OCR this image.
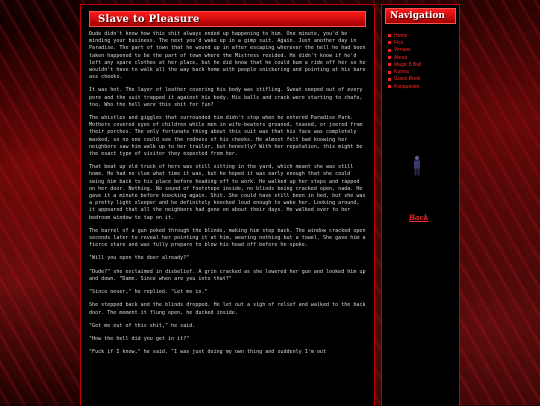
Slave to Pleasure

Dude didn't know how this shit always ended up happening to him. One minute, you'd be minding your business. The next you'd wake up in a gimp suit. Again. Just another day in Paradise. The part of town that he wound up in after escaping wherever the hell he had been taken happened to be the part of town where the Mistress resided. He didn't know if he'd left any spare clothes at her place, but he did know that he could bum a ride off her so he wouldn't have to walk all the way back home with people snickering and pointing at his bare ass cheeks.

It was hot. The layer of leather covering his body was stifling. Sweat seeped out of every pore and the suit trapped it against his body. His balls and crack were starting to chafe, too. Who the hell wore this shit for fun?

The whistles and giggles that surrounded him didn't stop when he entered Paradise Park. Mothers covered eyes of children while men in wife-beaters groaned, teased, or jeered from their porches. The only fortunate thing about this suit was that his face was completely masked, so no one could see the redness of his cheeks. He almost felt bad knowing her neighbors saw him walk up to her trailer, but honestly? With her reputation, this might be the exact type of visitor they expected from her.

That beat up old truck of hers was still sitting in the yard, which meant she was still home. He had no clue what time it was, but he hoped it was early enough that she could swing him back to his place before heading off to work. He walked up her steps and rapped on her door. Nothing. No sound of footsteps inside, no blinds being cracked open, nada. He gave it a minute before knocking again. Shit. She could have still been in bed, but she was a pretty light sleeper and he definitely knocked loud enough to wake her. Looking around, it appeared that all the neighbors had gone on about their days. He walked over to her bedroom window to tap on it.

The barrel of a gun poked through the blinds, making him step back. The window cracked open seconds later to reveal her pointing it at him, wearing nothing but a towel. She gave him a fierce stare and was fully prepare to blow his head off before he spoke.

"Will you open the door already?"

"Dude?" she exclaimed in disbelief. A grin cracked as she lowered her gun and looked him up and down. "Damn. Since when are you into that?"

"Since never," he replied. "Let me in."

She stepped back and the blinds dropped. He let out a sigh of relief and walked to the back door. The moment it flung open, he ducked inside.

"Get me out of this shit," he said.

"How the hell did you get in it?"

"Fuck if I know," he said. "I was just doing my own thing and suddenly I'm out

Navigation
Home
Fics
Venues
About
Magic 8 Ball
Karma
Guest Book
Konquester
Back
